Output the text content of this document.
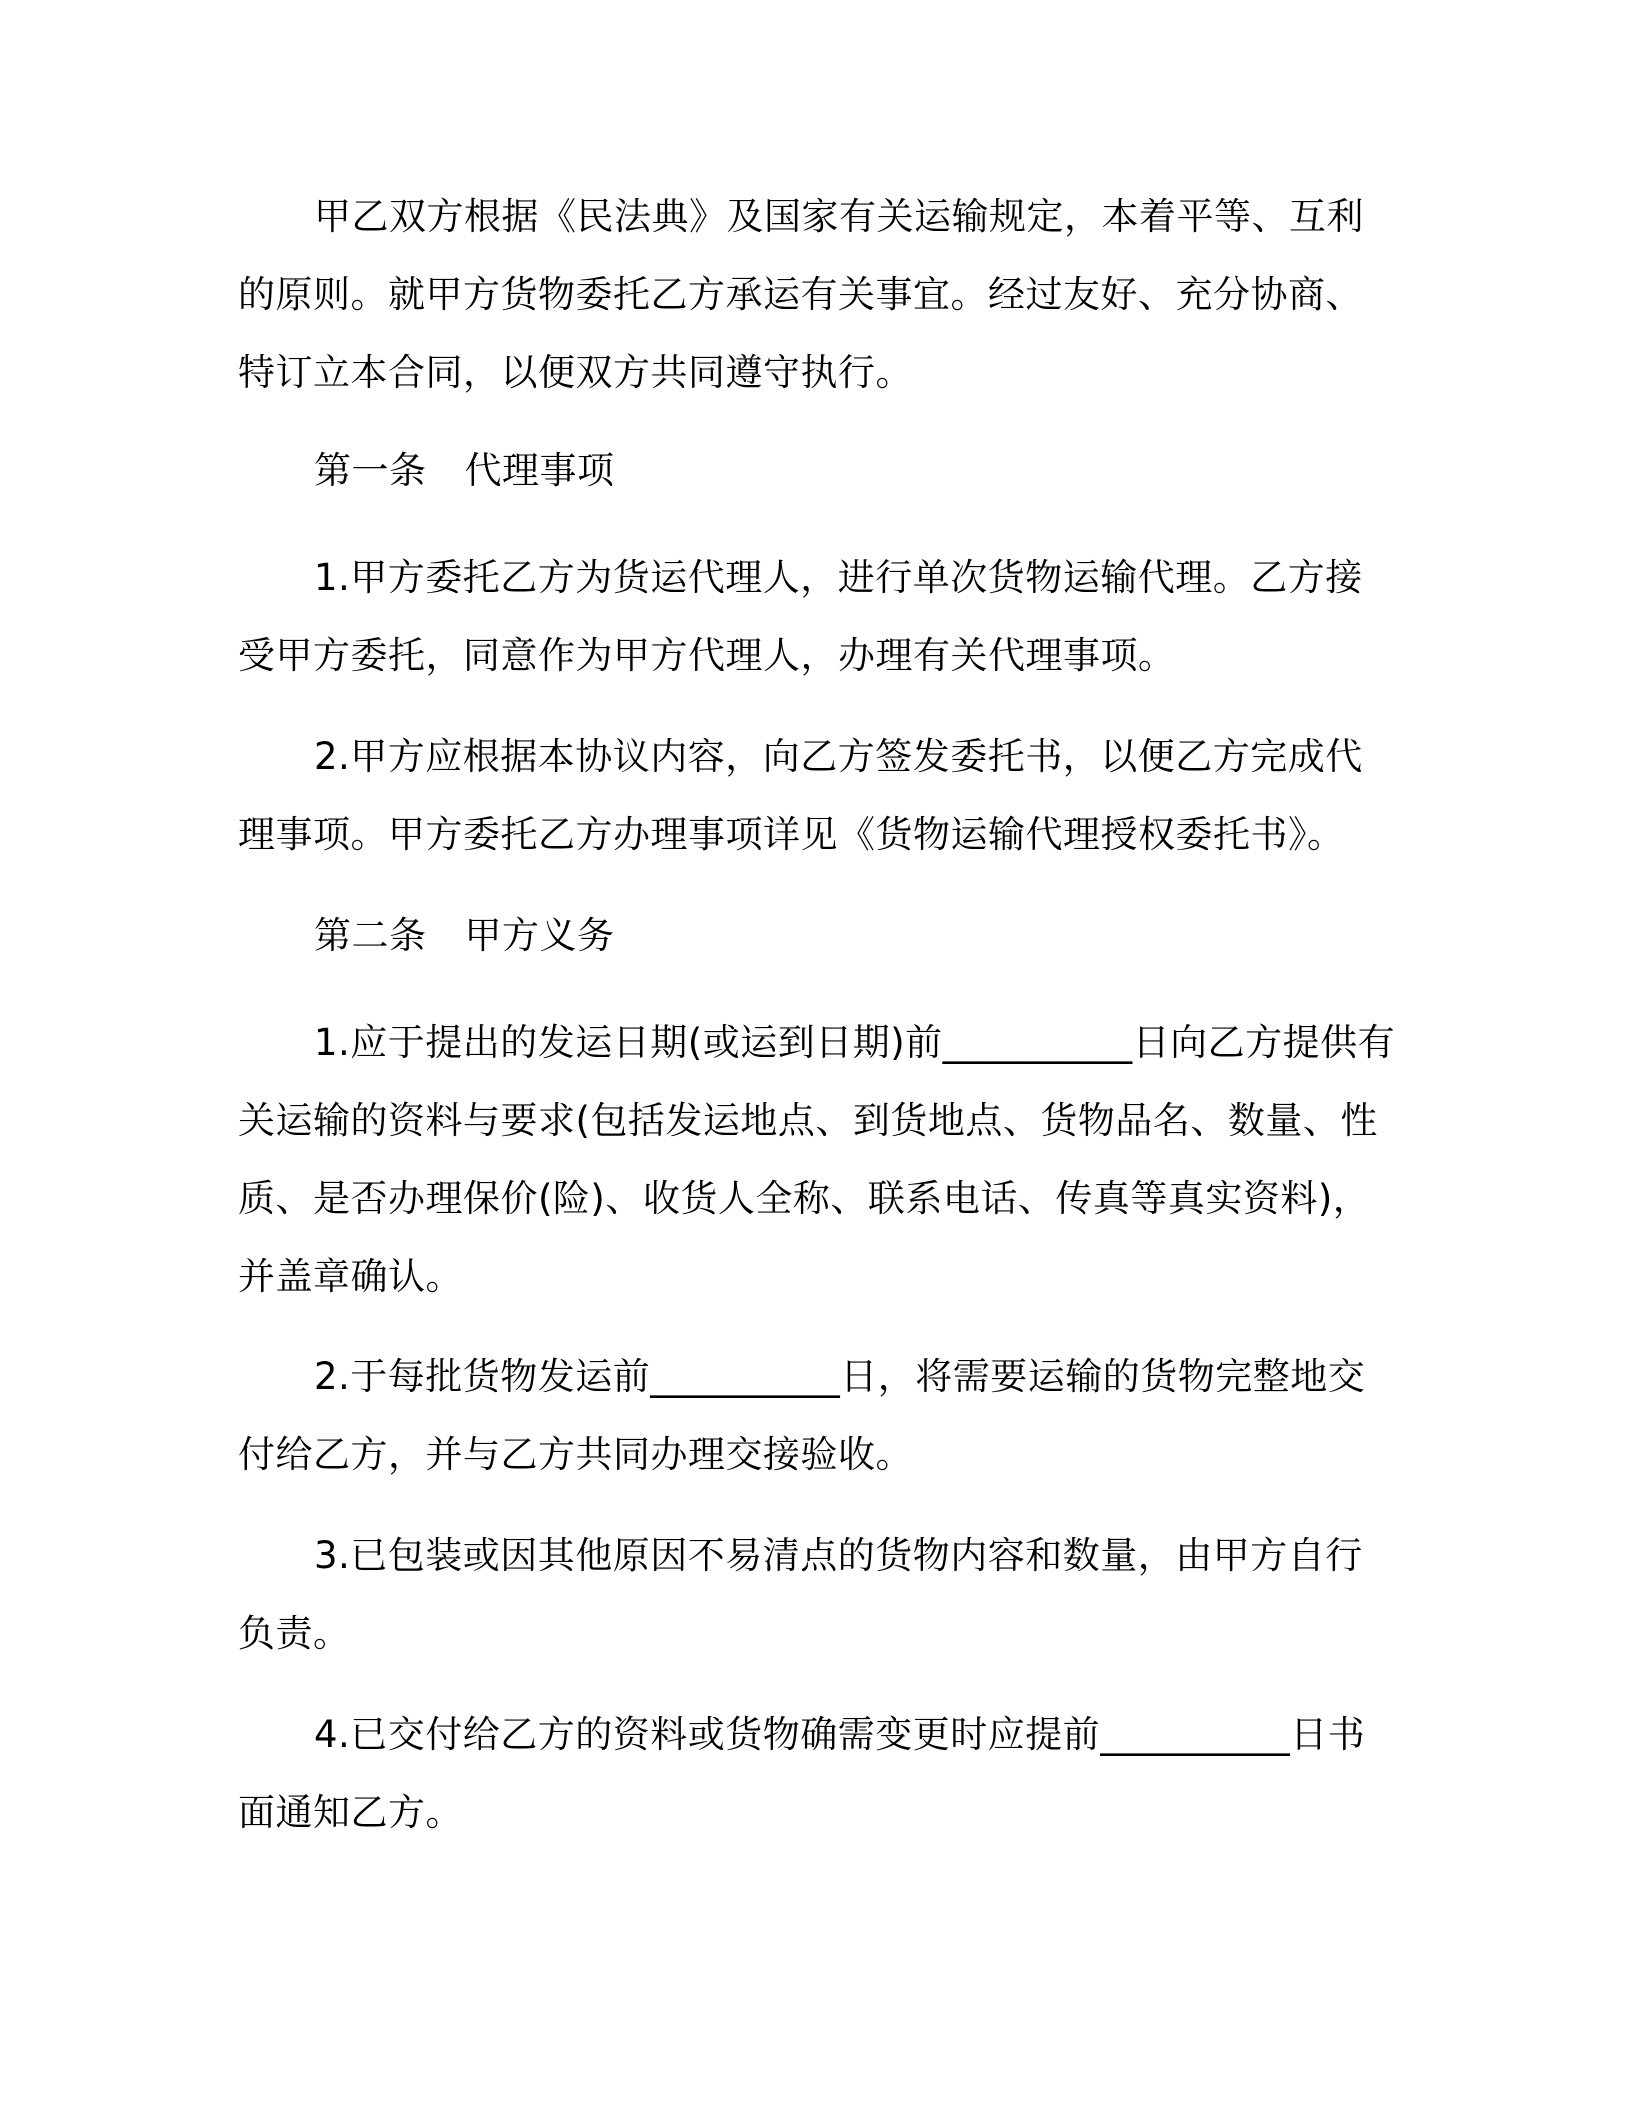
甲乙双方根据《民法典》及国家有关运输规定，本着平等、互利
的原则。就甲方货物委托乙方承运有关事宜。经过友好、充分协商、
特订立本合同，以便双方共同遵守执行。
第一条 代理事项
1.甲方委托乙方为货运代理人，进行单次货物运输代理。乙方接
受甲方委托，同意作为甲方代理人，办理有关代理事项。
2.甲方应根据本协议内容，向乙方签发委托书，以便乙方完成代
理事项。甲方委托乙方办理事项详见《货物运输代理授权委托书》。
第二条 甲方义务
1.应于提出的发运日期(或运到日期)前__________日向乙方提供有
关运输的资料与要求(包括发运地点、到货地点、货物品名、数量、性
质、是否办理保价(险)、收货人全称、联系电话、传真等真实资料)，
并盖章确认。
2.于每批货物发运前__________日，将需要运输的货物完整地交
付给乙方，并与乙方共同办理交接验收。
3.已包装或因其他原因不易清点的货物内容和数量，由甲方自行
负责。
4.已交付给乙方的资料或货物确需变更时应提前__________日书
面通知乙方。
